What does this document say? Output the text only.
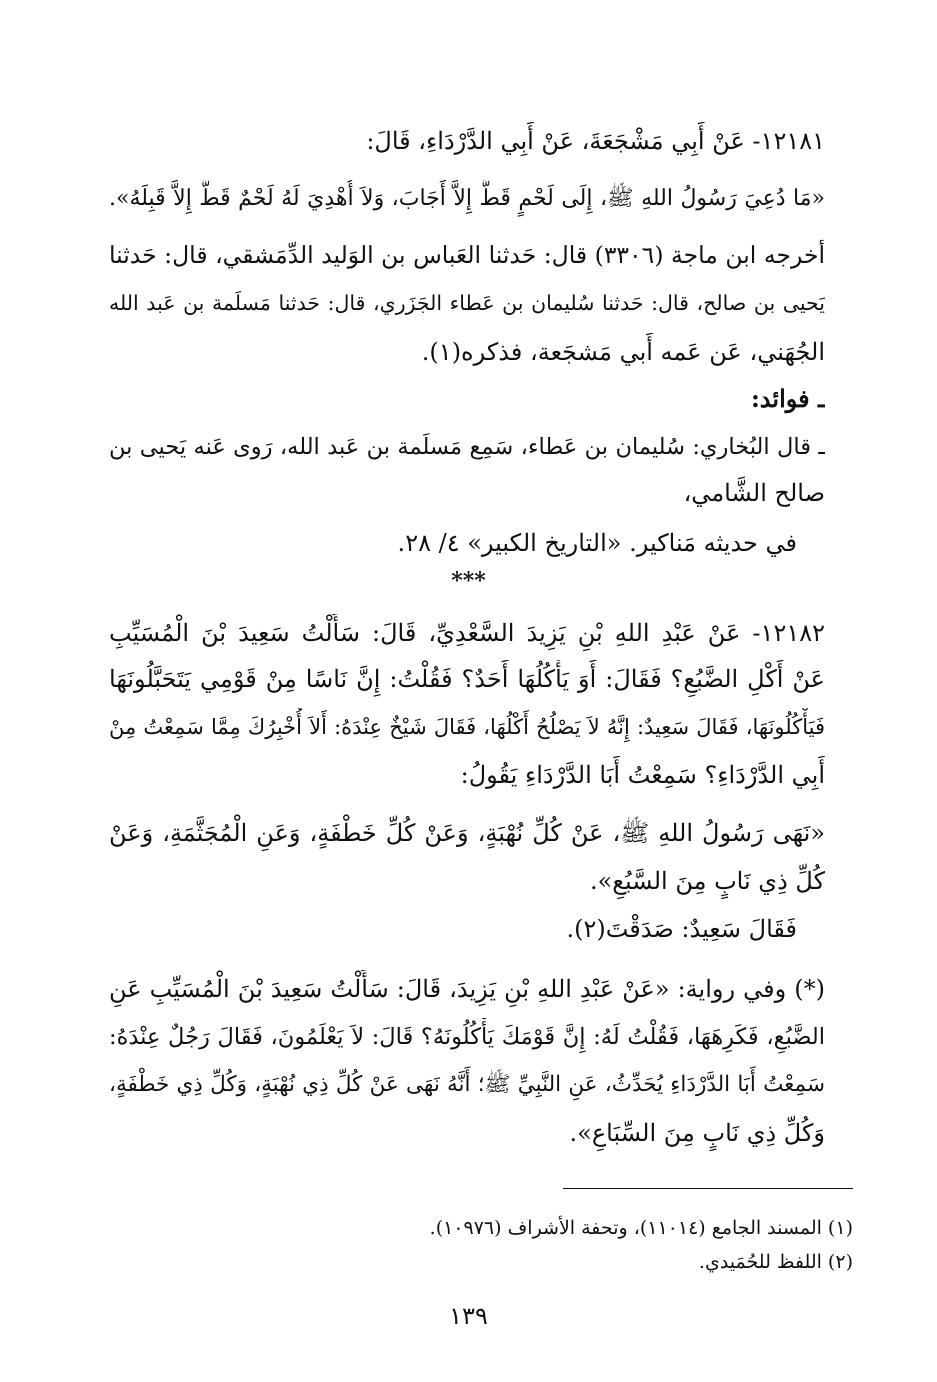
١٢١٨١- عَنْ أَبِي مَشْجَعَةَ، عَنْ أَبِي الدَّرْدَاءِ، قَالَ:
«مَا دُعِيَ رَسُولُ اللهِ ﷺ، إِلَى لَحْمٍ قَطُّ إِلاَّ أَجَابَ، وَلاَ أُهْدِيَ لَهُ لَحْمٌ قَطُّ إِلاَّ قَبِلَهُ».
أخرجه ابن ماجة (٣٣٠٦) قال: حَدثنا العَباس بن الوَليد الدِّمَشقي، قال: حَدثنا
يَحيى بن صالح، قال: حَدثنا سُليمان بن عَطاء الجَزَري، قال: حَدثنا مَسلَمة بن عَبد الله
الجُهَني، عَن عَمه أَبي مَشجَعة، فذكره(١).
ـ فوائد:
ـ قال البُخاري: سُليمان بن عَطاء، سَمِع مَسلَمة بن عَبد الله، رَوى عَنه يَحيى بن
صالح الشَّامي،
في حديثه مَناكير. «التاريخ الكبير» ٤/ ٢٨.
***
١٢١٨٢- عَنْ عَبْدِ اللهِ بْنِ يَزِيدَ السَّعْدِيِّ، قَالَ: سَأَلْتُ سَعِيدَ بْنَ الْمُسَيِّبِ
عَنْ أَكْلِ الضَّبُعِ؟ فَقَالَ: أَوَ يَأْكُلُهَا أَحَدٌ؟ فَقُلْتُ: إِنَّ نَاسًا مِنْ قَوْمِي يَتَحَبَّلُونَهَا
فَيَأْكُلُونَهَا، فَقَالَ سَعِيدٌ: إِنَّهُ لاَ يَصْلُحُ أَكْلُهَا، فَقَالَ شَيْخٌ عِنْدَهُ: أَلاَ أُخْبِرُكَ مِمَّا سَمِعْتُ مِنْ
أَبِي الدَّرْدَاءِ؟ سَمِعْتُ أَبَا الدَّرْدَاءِ يَقُولُ:
«نَهَى رَسُولُ اللهِ ﷺ، عَنْ كُلِّ نُهْبَةٍ، وَعَنْ كُلِّ خَطْفَةٍ، وَعَنِ الْمُجَثَّمَةِ، وَعَنْ
كُلِّ ذِي نَابٍ مِنَ السَّبُعِ».
فَقَالَ سَعِيدٌ: صَدَقْتَ(٢).
(*) وفي رواية: «عَنْ عَبْدِ اللهِ بْنِ يَزِيدَ، قَالَ: سَأَلْتُ سَعِيدَ بْنَ الْمُسَيِّبِ عَنِ
الضَّبُعِ، فَكَرِهَهَا، فَقُلْتُ لَهُ: إِنَّ قَوْمَكَ يَأْكُلُونَهُ؟ قَالَ: لاَ يَعْلَمُونَ، فَقَالَ رَجُلٌ عِنْدَهُ:
سَمِعْتُ أَبَا الدَّرْدَاءِ يُحَدِّثُ، عَنِ النَّبِيِّ ﷺ؛ أَنَّهُ نَهَى عَنْ كُلِّ ذِي نُهْبَةٍ، وَكُلِّ ذِي خَطْفَةٍ،
وَكُلِّ ذِي نَابٍ مِنَ السِّبَاعِ».
(١) المسند الجامع (١١٠١٤)، وتحفة الأشراف (١٠٩٧٦).
(٢) اللفظ للحُمَيدي.
١٣٩
